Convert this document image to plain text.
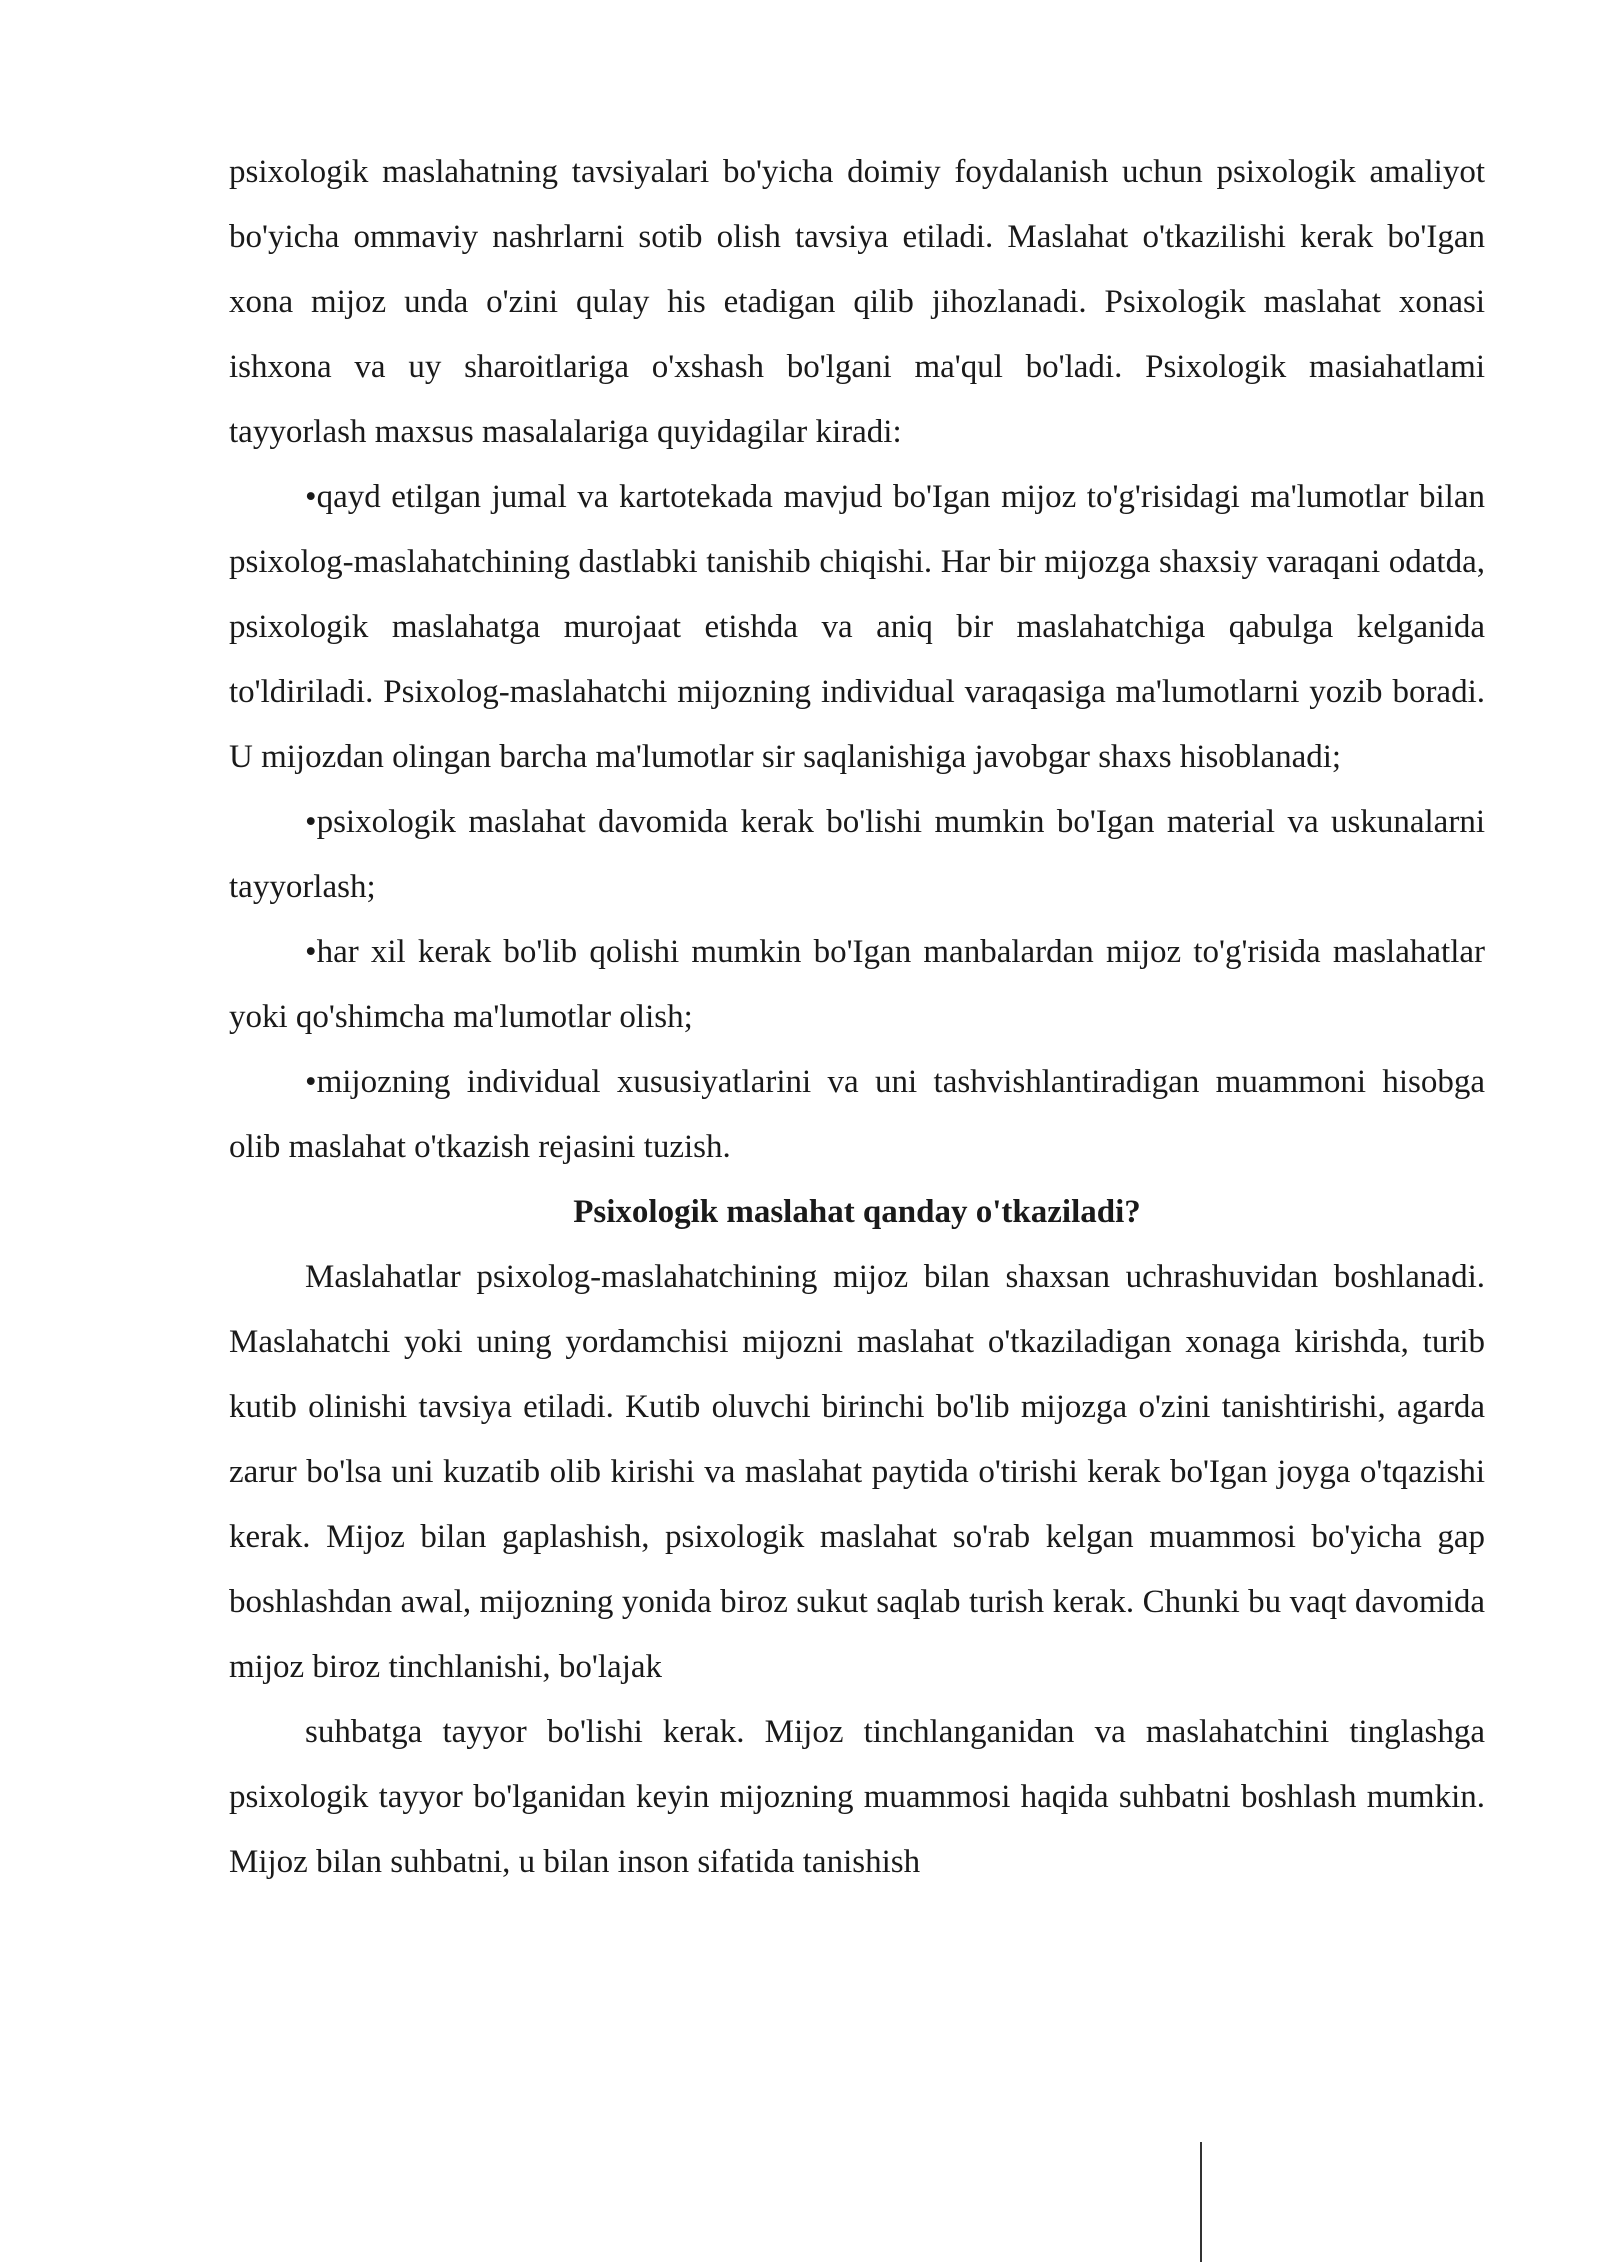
psixologik maslahatning tavsiyalari bo'yicha doimiy foydalanish uchun psixologik amaliyot bo'yicha ommaviy nashrlarni sotib olish tavsiya etiladi. Maslahat o'tkazilishi kerak bo'Igan xona mijoz unda o'zini qulay his etadigan qilib jihozlanadi. Psixologik maslahat xonasi ishxona va uy sharoitlariga o'xshash bo'lgani ma'qul bo'ladi. Psixologik masiahatlami tayyorlash maxsus masalalariga quyidagilar kiradi:

•qayd etilgan jumal va kartotekada mavjud bo'Igan mijoz to'g'risidagi ma'lumotlar bilan psixolog-maslahatchining dastlabki tanishib chiqishi. Har bir mijozga shaxsiy varaqani odatda, psixologik maslahatga murojaat etishda va aniq bir maslahatchiga qabulga kelganida to'ldiriladi. Psixolog-maslahatchi mijozning individual varaqasiga ma'lumotlarni yozib boradi. U mijozdan olingan barcha ma'lumotlar sir saqlanishiga javobgar shaxs hisoblanadi;

•psixologik maslahat davomida kerak bo'lishi mumkin bo'Igan material va uskunalarni tayyorlash;

•har xil kerak bo'lib qolishi mumkin bo'Igan manbalardan mijoz to'g'risida maslahatlar yoki qo'shimcha ma'lumotlar olish;

•mijozning individual xususiyatlarini va uni tashvishlantiradigan muammoni hisobga olib maslahat o'tkazish rejasini tuzish.

Psixologik maslahat qanday o'tkaziladi?

Maslahatlar psixolog-maslahatchining mijoz bilan shaxsan uchrashuvidan boshlanadi. Maslahatchi yoki uning yordamchisi mijozni maslahat o'tkaziladigan xonaga kirishda, turib kutib olinishi tavsiya etiladi. Kutib oluvchi birinchi bo'lib mijozga o'zini tanishtirishi, agarda zarur bo'lsa uni kuzatib olib kirishi va maslahat paytida o'tirishi kerak bo'Igan joyga o'tqazishi kerak. Mijoz bilan gaplashish, psixologik maslahat so'rab kelgan muammosi bo'yicha gap boshlashdan awal, mijozning yonida biroz sukut saqlab turish kerak. Chunki bu vaqt davomida mijoz biroz tinchlanishi, bo'lajak

suhbatga tayyor bo'lishi kerak. Mijoz tinchlanganidan va maslahatchini tinglashga psixologik tayyor bo'lganidan keyin mijozning muammosi haqida suhbatni boshlash mumkin. Mijoz bilan suhbatni, u bilan inson sifatida tanishish
